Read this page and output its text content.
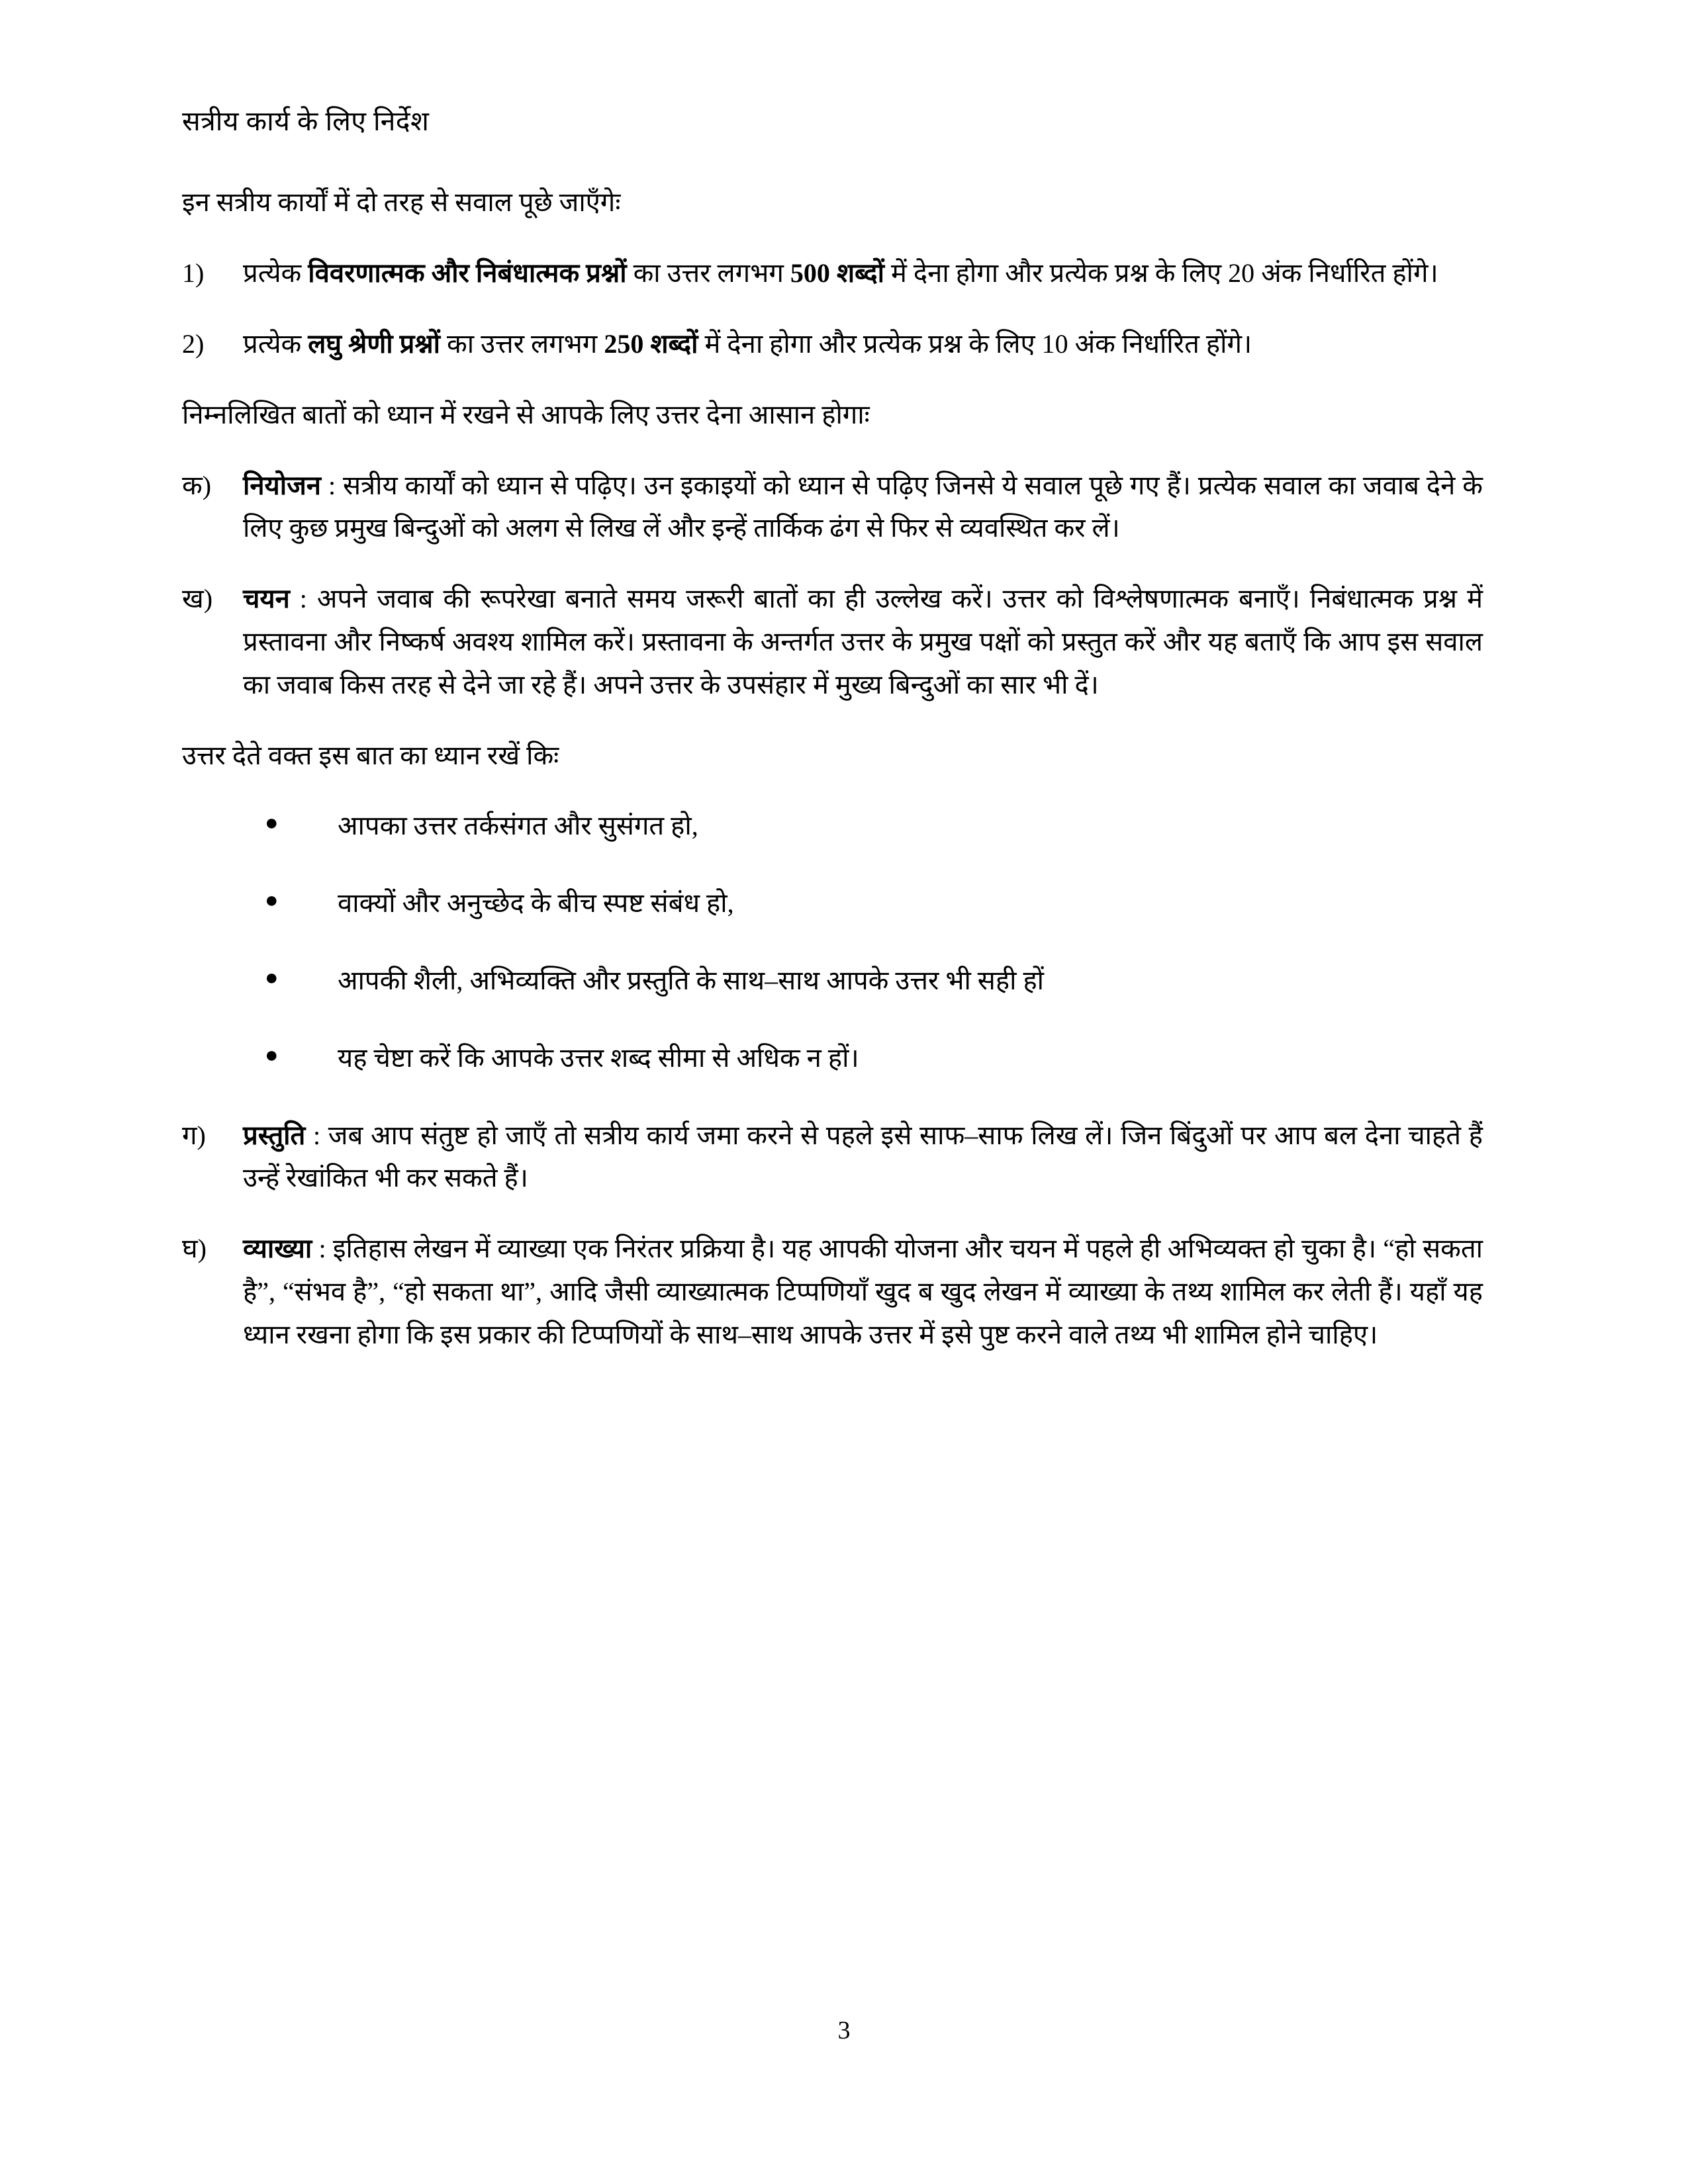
सत्रीय कार्य के लिए निर्देश

इन सत्रीय कार्यों में दो तरह से सवाल पूछे जाएँगेः

1)	प्रत्येक विवरणात्मक और निबंधात्मक प्रश्नों का उत्तर लगभग 500 शब्दों में देना होगा और प्रत्येक प्रश्न के लिए 20 अंक निर्धारित होंगे।
2)	प्रत्येक लघु श्रेणी प्रश्नों का उत्तर लगभग 250 शब्दों में देना होगा और प्रत्येक प्रश्न के लिए 10 अंक निर्धारित होंगे।

निम्नलिखित बातों को ध्यान में रखने से आपके लिए उत्तर देना आसान होगाः

क)	नियोजन : सत्रीय कार्यों को ध्यान से पढ़िए। उन इकाइयों को ध्यान से पढ़िए जिनसे ये सवाल पूछे गए हैं। प्रत्येक सवाल का जवाब देने के लिए कुछ प्रमुख बिन्दुओं को अलग से लिख लें और इन्हें तार्किक ढंग से फिर से व्यवस्थित कर लें।
ख)	चयन : अपने जवाब की रूपरेखा बनाते समय जरूरी बातों का ही उल्लेख करें। उत्तर को विश्लेषणात्मक बनाएँ। निबंधात्मक प्रश्न में प्रस्तावना और निष्कर्ष अवश्य शामिल करें। प्रस्तावना के अन्तर्गत उत्तर के प्रमुख पक्षों को प्रस्तुत करें और यह बताएँ कि आप इस सवाल का जवाब किस तरह से देने जा रहे हैं। अपने उत्तर के उपसंहार में मुख्य बिन्दुओं का सार भी दें।

उत्तर देते वक्त इस बात का ध्यान रखें किः

●	आपका उत्तर तर्कसंगत और सुसंगत हो,
●	वाक्यों और अनुच्छेद के बीच स्पष्ट संबंध हो,
●	आपकी शैली, अभिव्यक्ति और प्रस्तुति के साथ–साथ आपके उत्तर भी सही हों
●	यह चेष्टा करें कि आपके उत्तर शब्द सीमा से अधिक न हों।
ग)	प्रस्तुति : जब आप संतुष्ट हो जाएँ तो सत्रीय कार्य जमा करने से पहले इसे साफ–साफ लिख लें। जिन बिंदुओं पर आप बल देना चाहते हैं उन्हें रेखांकित भी कर सकते हैं।
घ)	व्याख्या : इतिहास लेखन में व्याख्या एक निरंतर प्रक्रिया है। यह आपकी योजना और चयन में पहले ही अभिव्यक्त हो चुका है। “हो सकता है”, “संभव है”, “हो सकता था”, आदि जैसी व्याख्यात्मक टिप्पणियाँ खुद ब खुद लेखन में व्याख्या के तथ्य शामिल कर लेती हैं। यहाँ यह ध्यान रखना होगा कि इस प्रकार की टिप्पणियों के साथ–साथ आपके उत्तर में इसे पुष्ट करने वाले तथ्य भी शामिल होने चाहिए।
3
